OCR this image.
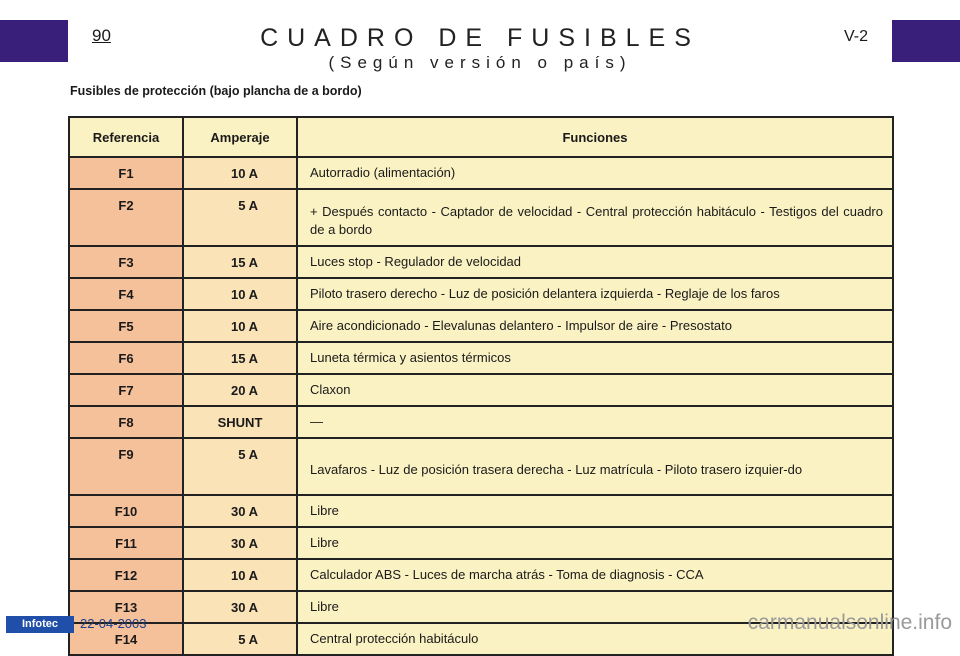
90	V-2
CUADRO DE FUSIBLES
(Según versión o país)
Fusibles de protección (bajo plancha de a bordo)
Referencia	Amperaje	Funciones

F1	10 A	Autorradio (alimentación)

F2	5 A	+ Después contacto - Captador de velocidad - Central protección habitáculo - Testigos del cuadro de a bordo

F3	15 A	Luces stop - Regulador de velocidad

F4	10 A	Piloto trasero derecho - Luz de posición delantera izquierda - Reglaje de los faros

F5	10 A	Aire acondicionado - Elevalunas delantero - Impulsor de aire - Presostato

F6	15 A	Luneta térmica y asientos térmicos

F7	20 A	Claxon

F8	SHUNT	—

F9	5 A	Lavafaros - Luz de posición trasera derecha - Luz matrícula - Piloto trasero izquier-do

F10	30 A	Libre

F11	30 A	Libre

F12	10 A	Calculador ABS - Luces de marcha atrás - Toma de diagnosis - CCA

F13	30 A	Libre

F14	5 A	Central protección habitáculo
Infotec	22-04-2003	carmanualsonline.info
